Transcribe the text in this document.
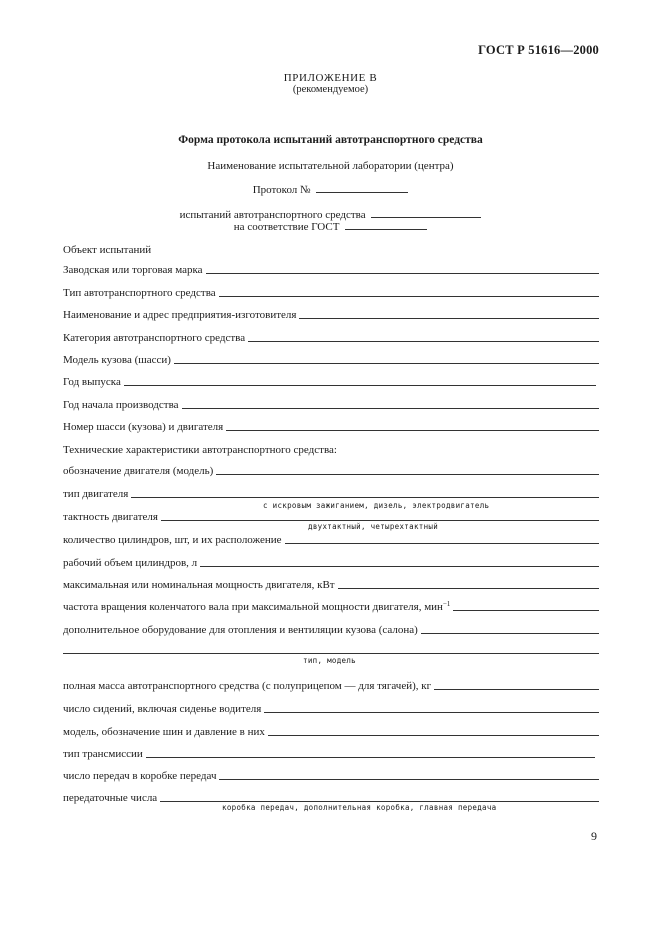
ГОСТ Р 51616—2000
ПРИЛОЖЕНИЕ В
(рекомендуемое)
Форма протокола испытаний автотранспортного средства
Наименование испытательной лаборатории (центра)
Протокол №
испытаний автотранспортного средства
на соответствие ГОСТ
Объект испытаний
Заводская или торговая марка
Тип автотранспортного средства
Наименование и адрес предприятия-изготовителя
Категория автотранспортного средства
Модель кузова (шасси)
Год выпуска
Год начала производства
Номер шасси (кузова) и двигателя
Технические характеристики автотранспортного средства:
обозначение двигателя (модель)
тип двигателя
с искровым зажиганием, дизель, электродвигатель
тактность двигателя
двухтактный, четырехтактный
количество цилиндров, шт, и их расположение
рабочий объем цилиндров, л
максимальная или номинальная мощность двигателя, кВт
частота вращения коленчатого вала при максимальной мощности двигателя, мин$^{-1}$
дополнительное оборудование для отопления и вентиляции кузова (салона)
тип, модель
полная масса автотранспортного средства (с полуприцепом — для тягачей), кг
число сидений, включая сиденье водителя
модель, обозначение шин и давление в них
тип трансмиссии
число передач в коробке передач
передаточные числа
коробка передач, дополнительная коробка, главная передача
9
